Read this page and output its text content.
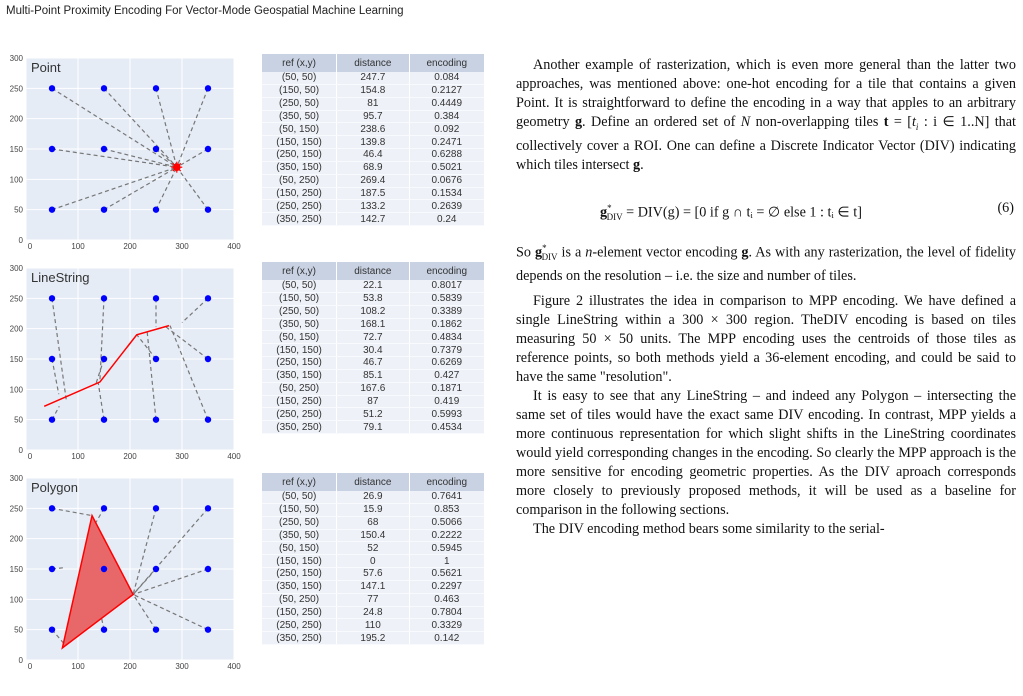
Multi-Point Proximity Encoding For Vector-Mode Geospatial Machine Learning
0	100	200	300	400
0
50
100
150
200
250
300
Point
0	100	200	300	400
0
50
100
150
200
250
300
LineString
0	100	200	300	400
0
50
100
150
200
250
300
Polygon
ref (x,y)	distance	encoding
(50, 50)	247.7	0.084
(150, 50)	154.8	0.2127
(250, 50)	81	0.4449
(350, 50)	95.7	0.384
(50, 150)	238.6	0.092
(150, 150)	139.8	0.2471
(250, 150)	46.4	0.6288
(350, 150)	68.9	0.5021
(50, 250)	269.4	0.0676
(150, 250)	187.5	0.1534
(250, 250)	133.2	0.2639
(350, 250)	142.7	0.24
ref (x,y)	distance	encoding
(50, 50)	22.1	0.8017
(150, 50)	53.8	0.5839
(250, 50)	108.2	0.3389
(350, 50)	168.1	0.1862
(50, 150)	72.7	0.4834
(150, 150)	30.4	0.7379
(250, 150)	46.7	0.6269
(350, 150)	85.1	0.427
(50, 250)	167.6	0.1871
(150, 250)	87	0.419
(250, 250)	51.2	0.5993
(350, 250)	79.1	0.4534
ref (x,y)	distance	encoding
(50, 50)	26.9	0.7641
(150, 50)	15.9	0.853
(250, 50)	68	0.5066
(350, 50)	150.4	0.2222
(50, 150)	52	0.5945
(150, 150)	0	1
(250, 150)	57.6	0.5621
(350, 150)	147.1	0.2297
(50, 250)	77	0.463
(150, 250)	24.8	0.7804
(250, 250)	110	0.3329
(350, 250)	195.2	0.142

Another example of rasterization, which is even more general than the latter two approaches, was mentioned above: one-hot encoding for a tile that contains a given Point. It is straightforward to define the encoding in a way that apples to an arbitrary geometry g. Define an ordered set of N non-overlapping tiles $t = [t_i$ : i ∈ 1..N] that collectively cover a ROI. One can define a Discrete Indicator Vector (DIV) indicating which tiles intersect g.

$g^*_{DIV} = DIV(g) = [0$ if g ∩ tᵢ = ∅ else 1 : tᵢ ∈ t]	(6)

So $g^*_{DIV}$ is a n-element vector encoding g. As with any rasterization, the level of fidelity depends on the resolution – i.e. the size and number of tiles.

Figure 2 illustrates the idea in comparison to MPP encoding. We have defined a single LineString within a 300 × 300 region. TheDIV encoding is based on tiles measuring 50 × 50 units. The MPP encoding uses the centroids of those tiles as reference points, so both methods yield a 36-element encoding, and could be said to have the same "resolution".

It is easy to see that any LineString – and indeed any Polygon – intersecting the same set of tiles would have the exact same DIV encoding. In contrast, MPP yields a more continuous representation for which slight shifts in the LineString coordinates would yield corresponding changes in the encoding. So clearly the MPP approach is the more sensitive for encoding geometric properties. As the DIV aproach corresponds more closely to previously proposed methods, it will be used as a baseline for comparison in the following sections.

The DIV encoding method bears some similarity to the serial-
